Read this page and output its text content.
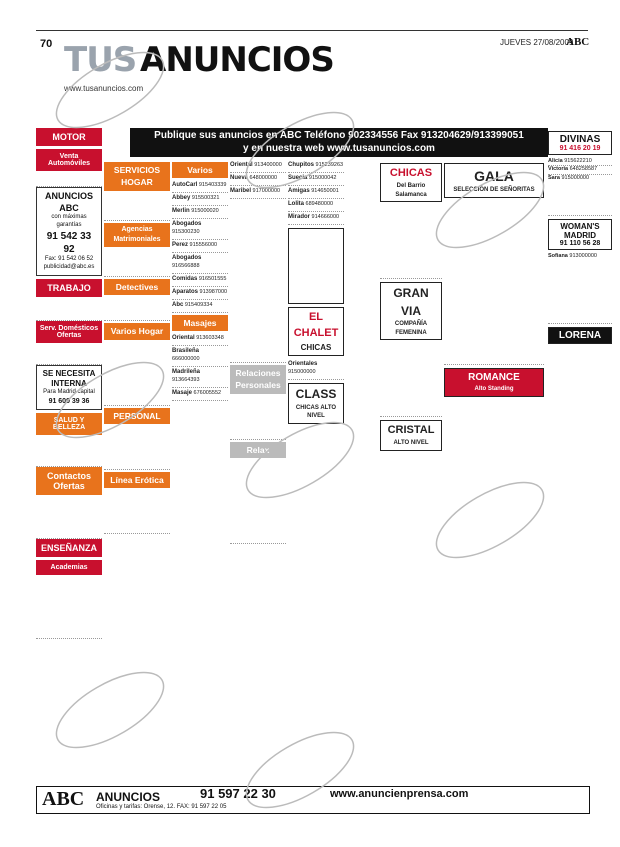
70 TUS ANUNCIOS
www.tusanuncios.com
JUEVES 27/08/2009
ABC
MOTOR
Venta Automóviles
ANUNCIOS ABC
con máximas garantías
91 542 33 92
Fax: 91 542 06 52
publicidad@abc.es
TRABAJO
Serv. Domésticos Ofertas
SE NECESITA INTERNA
Para Madrid capital
91 609 39 36
SALUD Y BELLEZA
Contactos Ofertas
ENSEÑANZA
Academias
Publique sus anuncios en ABC Teléfono 902334556 Fax 913204629/913399051
y en nuestra web www.tusanuncios.com
SERVICIOS HOGAR
Agencias Matrimoniales
Detectives
Varios Hogar
PERSONAL
Línea Erótica
Varios
AutoCarl 915403339
Abbey 915500321
Merlin 915000020
Abogados 915300230
Perez 915556000
Abogados 916566888
Comidas 916501555
Aparatos 913987000
Abc 915409334
Masajes
Oriental 913603348
Brasileña 666000000
Madrileña 913664393
Masaje 676005552
Oriental 913400000
Nueva 648000000
Maribel 917000000
Relaciones Personales
Relax
Chupitos 915239263
Suecia 915000042
Amigas 914650001
Lolita 689480000
Mirador 914666000
EL CHALET
CHICAS
Orientales 915000000
CLASS
CHICAS ALTO NIVEL
CHICAS
Del Barrio Salamanca
GRAN VIA
COMPAÑÍA FEMENINA
CRISTAL
ALTO NIVEL
GALA
SELECCIÓN DE SEÑORITAS
ROMANCE
Alto Standing
DIVINAS
91 416 20 19
Alicia 915622210
Victoria 648258587
Sara 915000000
WOMAN'S MADRID
91 110 56 28
Sofiana 913000000
LORENA
ABC ANUNCIOS	91 597 22 30	www.anuncienprensa.com
Oficinas y tarifas: Orense, 12. FAX: 91 597 22 05
